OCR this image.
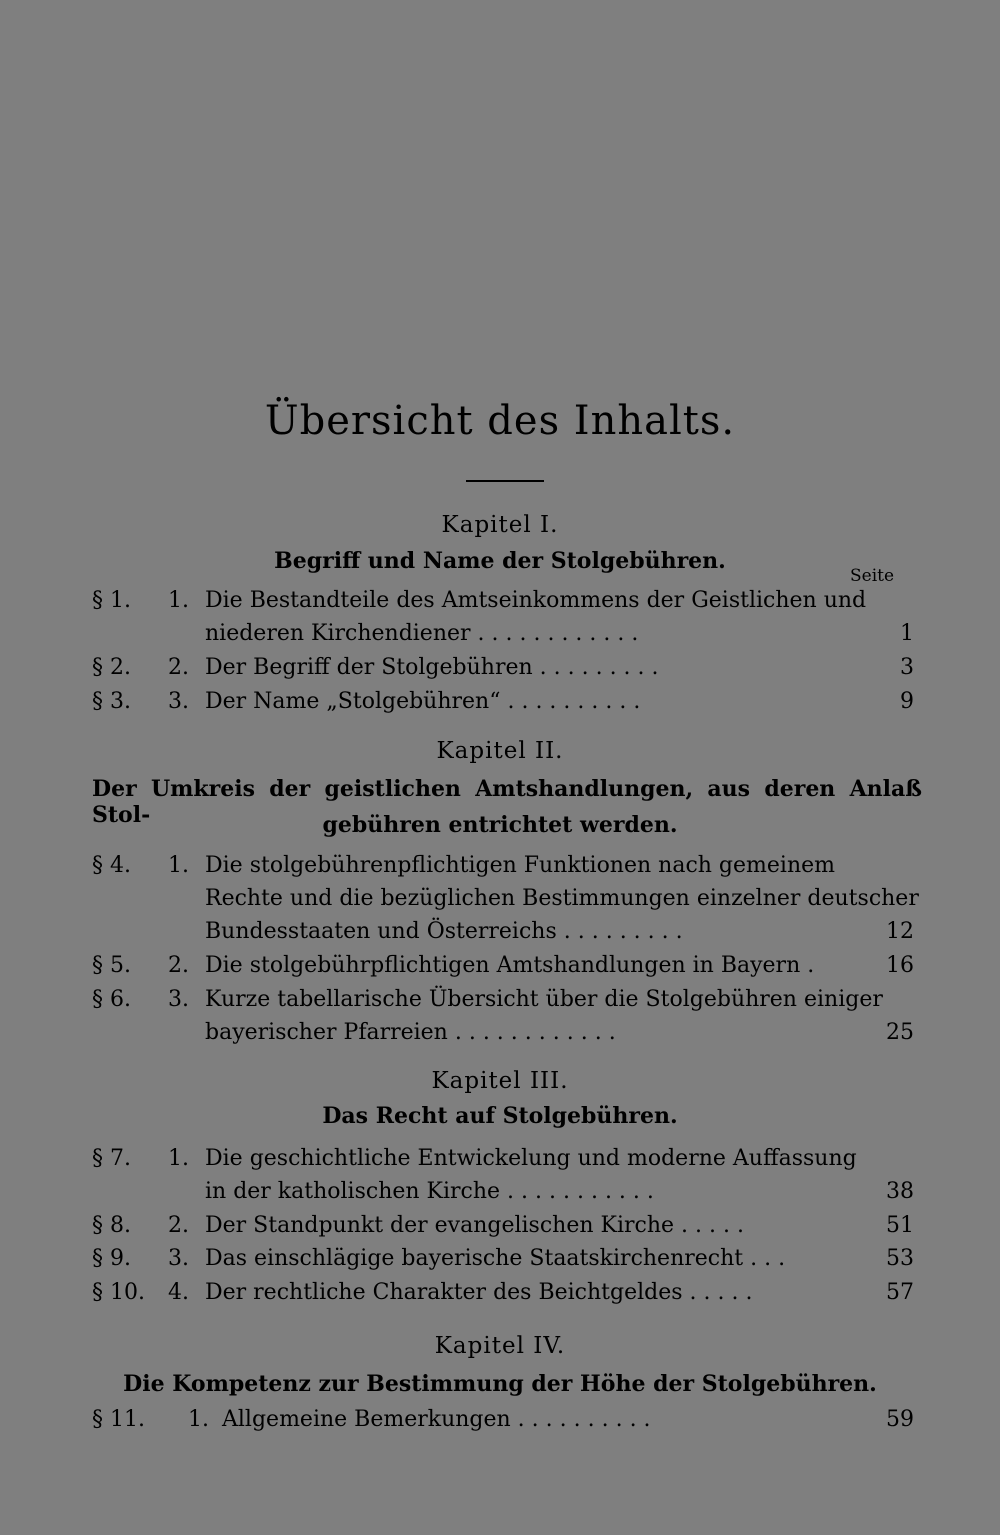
Übersicht des Inhalts.
Kapitel I.
Begriff und Name der Stolgebühren.
Seite
§ 1. 1. Die Bestandteile des Amtseinkommens der Geistlichen und
niederen Kirchendiener . . . . . . . . . . . .	1
§ 2. 2. Der Begriff der Stolgebühren . . . . . . . . .	3
§ 3. 3. Der Name „Stolgebühren“ . . . . . . . . . .	9
Kapitel II.
Der Umkreis der geistlichen Amtshandlungen, aus deren Anlaß Stol-	gebühren entrichtet werden.
§ 4. 1. Die stolgebührenpflichtigen Funktionen nach gemeinem
Rechte und die bezüglichen Bestimmungen einzelner deutscher
Bundesstaaten und Österreichs . . . . . . . . .	12
§ 5. 2. Die stolgebührpflichtigen Amtshandlungen in Bayern .	16
§ 6. 3. Kurze tabellarische Übersicht über die Stolgebühren einiger
bayerischer Pfarreien . . . . . . . . . . . .	25
Kapitel III.
Das Recht auf Stolgebühren.
§ 7. 1. Die geschichtliche Entwickelung und moderne Auffassung
in der katholischen Kirche . . . . . . . . . . .	38
§ 8. 2. Der Standpunkt der evangelischen Kirche . . . . .	51
§ 9. 3. Das einschlägige bayerische Staatskirchenrecht . . .	53
§ 10. 4. Der rechtliche Charakter des Beichtgeldes . . . . .	57
Kapitel IV.
Die Kompetenz zur Bestimmung der Höhe der Stolgebühren.
§ 11. 1. Allgemeine Bemerkungen . . . . . . . . . .	59
